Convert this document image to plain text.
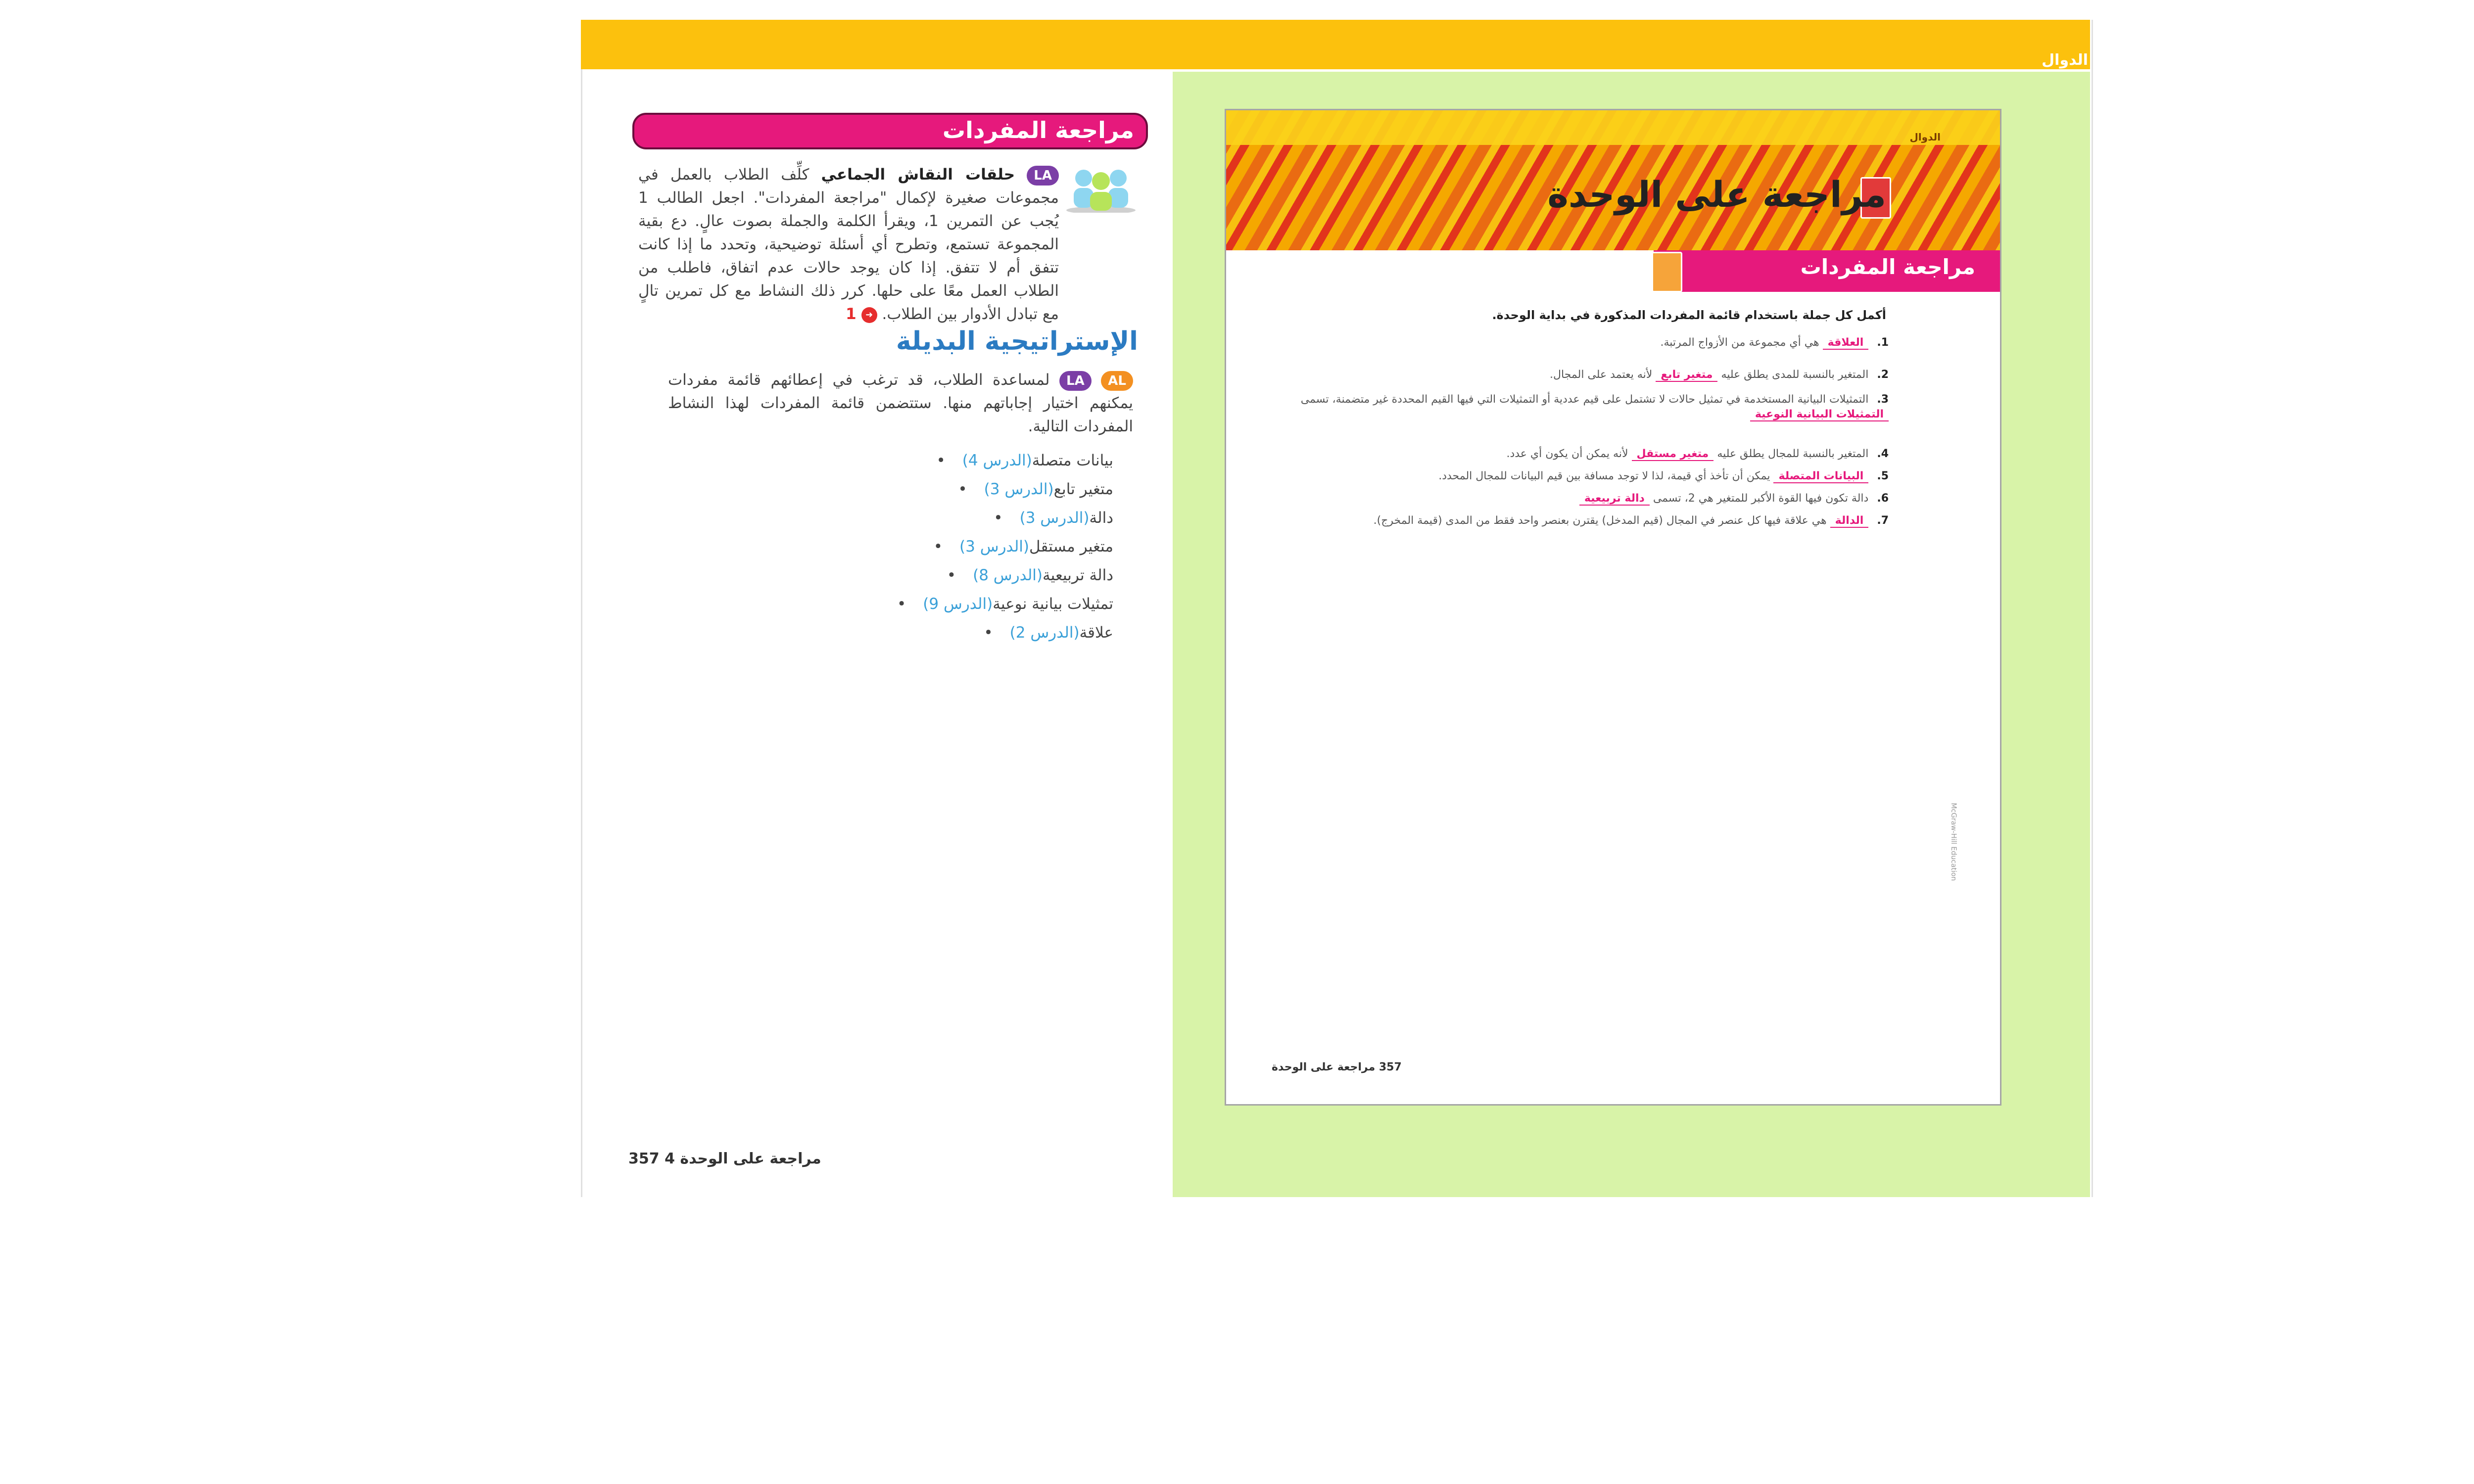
الدوال
مراجعة المفردات
LA حلقات النقاش الجماعي كلِّف الطلاب بالعمل في مجموعات صغيرة لإكمال "مراجعة المفردات". اجعل الطالب 1 يُجب عن التمرين 1، ويقرأ الكلمة والجملة بصوت عالٍ. دع بقية المجموعة تستمع، وتطرح أي أسئلة توضيحية، وتحدد ما إذا كانت تتفق أم لا تتفق. إذا كان يوجد حالات عدم اتفاق، فاطلب من الطلاب العمل معًا على حلها. كرر ذلك النشاط مع كل تمرين تالٍ مع تبادل الأدوار بين الطلاب. ➜ 1
الإستراتيجية البديلة
AL LA لمساعدة الطلاب، قد ترغب في إعطائهم قائمة مفردات يمكنهم اختيار إجاباتهم منها. ستتضمن قائمة المفردات لهذا النشاط المفردات التالية.
بيانات متصلة(الدرس 4) •
متغير تابع(الدرس 3) •
دالة(الدرس 3) •
متغير مستقل(الدرس 3) •
دالة تربيعية(الدرس 8) •
تمثيلات بيانية نوعية(الدرس 9) •
علاقة(الدرس 2) •
مراجعة على الوحدة 4 357
الدوال
مراجعة على الوحدة
مراجعة المفردات
أكمل كل جملة باستخدام قائمة المفردات المذكورة في بداية الوحدة.
1. العلاقة هي أي مجموعة من الأزواج المرتبة.
2. المتغير بالنسبة للمدى يطلق عليه متغير تابع لأنه يعتمد على المجال.
3. التمثيلات البيانية المستخدمة في تمثيل حالات لا تشتمل على قيم عددية أو التمثيلات التي فيها القيم المحددة غير متضمنة، تسمى التمثيلات البيانية النوعية
4. المتغير بالنسبة للمجال يطلق عليه متغير مستقل لأنه يمكن أن يكون أي عدد.
5. البيانات المتصلة يمكن أن تأخذ أي قيمة، لذا لا توجد مسافة بين قيم البيانات للمجال المحدد.
6. دالة تكون فيها القوة الأكبر للمتغير هي 2، تسمى دالة تربيعية
7. الدالة هي علاقة فيها كل عنصر في المجال (قيم المدخل) يقترن بعنصر واحد فقط من المدى (قيمة المخرج).
McGraw-Hill Education
357 مراجعة على الوحدة
